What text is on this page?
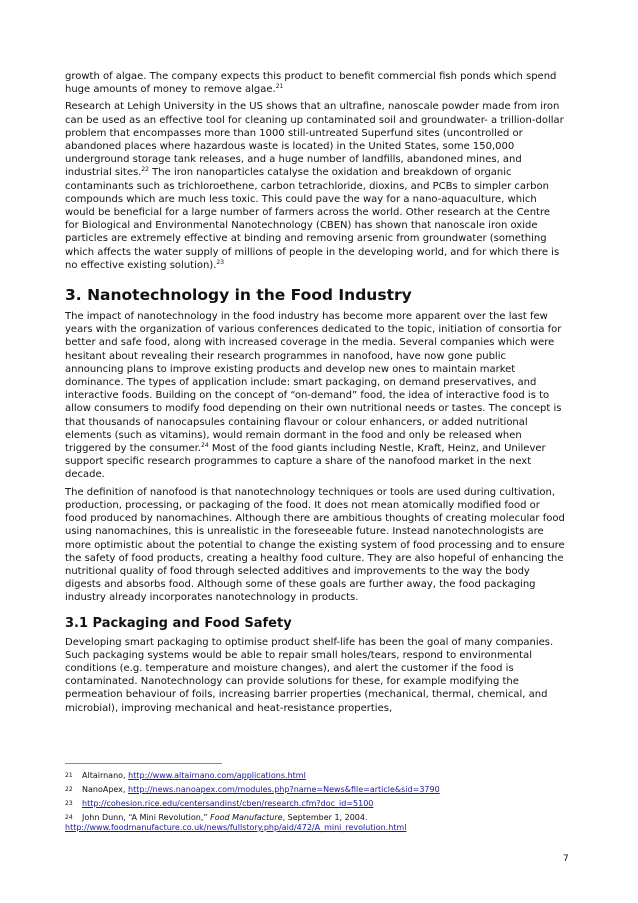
growth of algae. The company expects this product to benefit commercial fish ponds which spend huge amounts of money to remove algae.$^{21}$

Research at Lehigh University in the US shows that an ultrafine, nanoscale powder made from iron can be used as an effective tool for cleaning up contaminated soil and groundwater- a trillion-dollar problem that encompasses more than 1000 still-untreated Superfund sites (uncontrolled or abandoned places where hazardous waste is located) in the United States, some 150,000 underground storage tank releases, and a huge number of landfills, abandoned mines, and industrial sites.$^{22}$ The iron nanoparticles catalyse the oxidation and breakdown of organic contaminants such as trichloroethene, carbon tetrachloride, dioxins, and PCBs to simpler carbon compounds which are much less toxic. This could pave the way for a nano-aquaculture, which would be beneficial for a large number of farmers across the world. Other research at the Centre for Biological and Environmental Nanotechnology (CBEN) has shown that nanoscale iron oxide particles are extremely effective at binding and removing arsenic from groundwater (something which affects the water supply of millions of people in the developing world, and for which there is no effective existing solution).$^{23}$

3. Nanotechnology in the Food Industry

The impact of nanotechnology in the food industry has become more apparent over the last few years with the organization of various conferences dedicated to the topic, initiation of consortia for better and safe food, along with increased coverage in the media. Several companies which were hesitant about revealing their research programmes in nanofood, have now gone public announcing plans to improve existing products and develop new ones to maintain market dominance. The types of application include: smart packaging, on demand preservatives, and interactive foods. Building on the concept of “on-demand” food, the idea of interactive food is to allow consumers to modify food depending on their own nutritional needs or tastes. The concept is that thousands of nanocapsules containing flavour or colour enhancers, or added nutritional elements (such as vitamins), would remain dormant in the food and only be released when triggered by the consumer.$^{24}$ Most of the food giants including Nestle, Kraft, Heinz, and Unilever support specific research programmes to capture a share of the nanofood market in the next decade.

The definition of nanofood is that nanotechnology techniques or tools are used during cultivation, production, processing, or packaging of the food. It does not mean atomically modified food or food produced by nanomachines. Although there are ambitious thoughts of creating molecular food using nanomachines, this is unrealistic in the foreseeable future. Instead nanotechnologists are more optimistic about the potential to change the existing system of food processing and to ensure the safety of food products, creating a healthy food culture. They are also hopeful of enhancing the nutritional quality of food through selected additives and improvements to the way the body digests and absorbs food. Although some of these goals are further away, the food packaging industry already incorporates nanotechnology in products.

3.1 Packaging and Food Safety

Developing smart packaging to optimise product shelf-life has been the goal of many companies. Such packaging systems would be able to repair small holes/tears, respond to environmental conditions (e.g. temperature and moisture changes), and alert the customer if the food is contaminated. Nanotechnology can provide solutions for these, for example modifying the permeation behaviour of foils, increasing barrier properties (mechanical, thermal, chemical, and microbial), improving mechanical and heat-resistance properties,

21 Altairnano, http://www.altairnano.com/applications.html
22 NanoApex, http://news.nanoapex.com/modules.php?name=News&file=article&sid=3790
23 http://cohesion.rice.edu/centersandinst/cben/research.cfm?doc_id=5100
24 John Dunn, “A Mini Revolution,” Food Manufacture, September 1, 2004.
http://www.foodmanufacture.co.uk/news/fullstory.php/aid/472/A_mini_revolution.html
7
